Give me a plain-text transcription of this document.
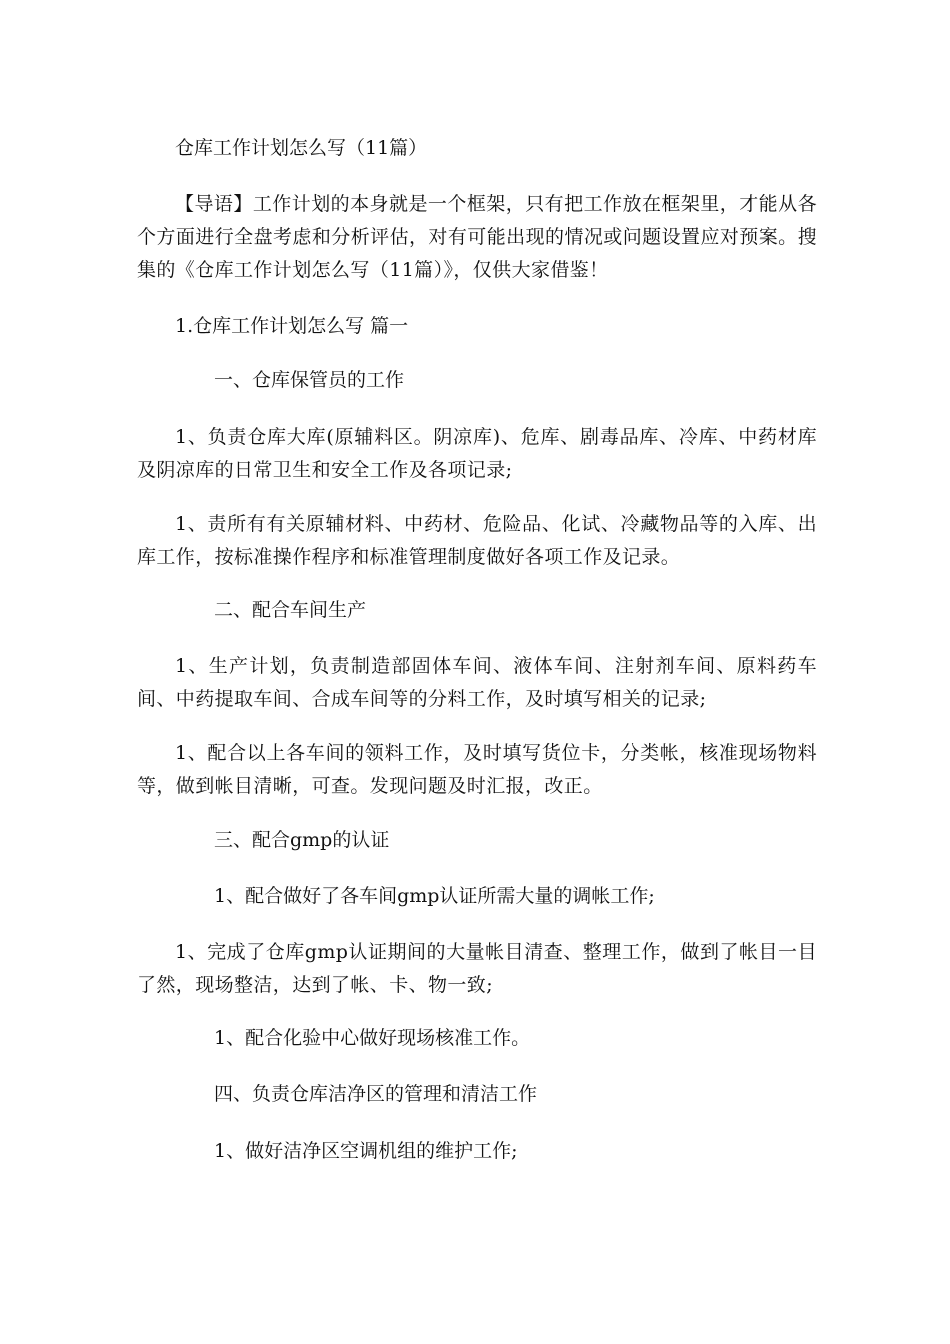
仓库工作计划怎么写（11篇）

【导语】工作计划的本身就是一个框架，只有把工作放在框架里，才能从各个方面进行全盘考虑和分析评估，对有可能出现的情况或问题设置应对预案。搜集的《仓库工作计划怎么写（11篇）》，仅供大家借鉴！

1.仓库工作计划怎么写 篇一

一、仓库保管员的工作

1、负责仓库大库(原辅料区。阴凉库)、危库、剧毒品库、冷库、中药材库及阴凉库的日常卫生和安全工作及各项记录;

1、责所有有关原辅材料、中药材、危险品、化试、冷藏物品等的入库、出库工作，按标准操作程序和标准管理制度做好各项工作及记录。

二、配合车间生产

1、生产计划，负责制造部固体车间、液体车间、注射剂车间、原料药车间、中药提取车间、合成车间等的分料工作，及时填写相关的记录;

1、配合以上各车间的领料工作，及时填写货位卡，分类帐，核准现场物料等，做到帐目清晰，可查。发现问题及时汇报，改正。

三、配合gmp的认证

1、配合做好了各车间gmp认证所需大量的调帐工作;

1、完成了仓库gmp认证期间的大量帐目清查、整理工作，做到了帐目一目了然，现场整洁，达到了帐、卡、物一致;

1、配合化验中心做好现场核准工作。

四、负责仓库洁净区的管理和清洁工作

1、做好洁净区空调机组的维护工作;
